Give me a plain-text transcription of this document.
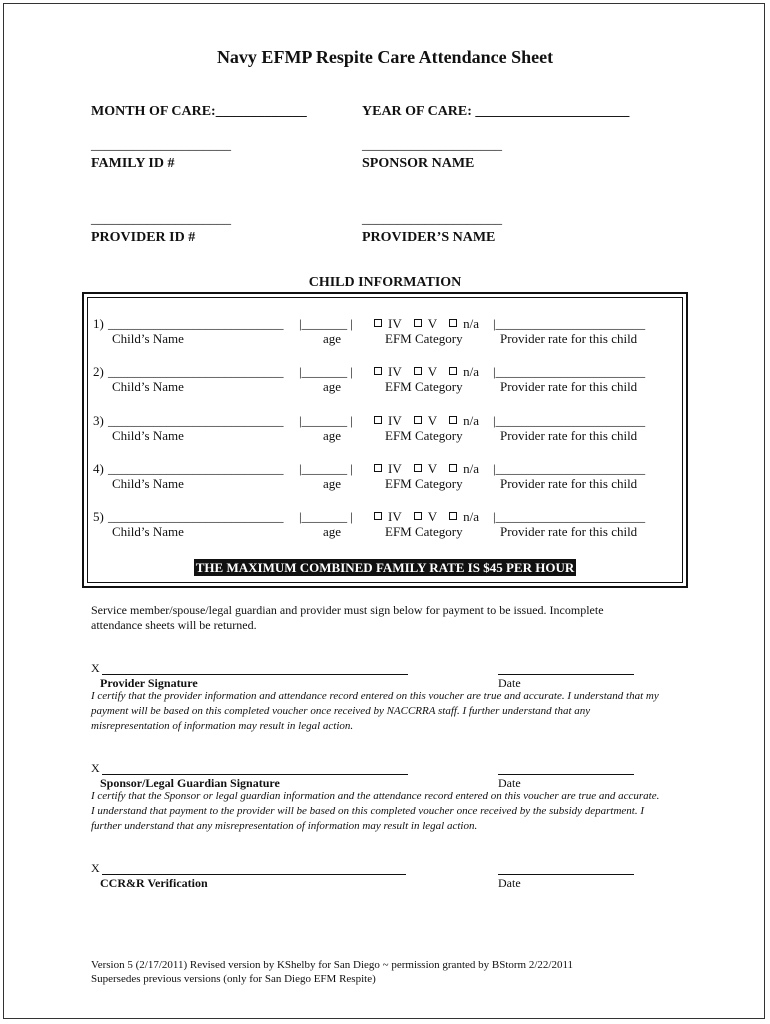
Navy EFMP Respite Care Attendance Sheet
MONTH OF CARE:_____________	YEAR OF CARE: ______________________
____________________
FAMILY ID #
____________________
SPONSOR NAME
____________________
PROVIDER ID #
____________________
PROVIDER’S NAME
CHILD INFORMATION
1) ___________________________ |_______ |	IV V n/a	|_______________________
Child’s Name	age	EFM Category	Provider rate for this child
2) ___________________________ |_______ |	IV V n/a	|_______________________
Child’s Name	age	EFM Category	Provider rate for this child
3) ___________________________ |_______ |	IV V n/a	|_______________________
Child’s Name	age	EFM Category	Provider rate for this child
4) ___________________________ |_______ |	IV V n/a	|_______________________
Child’s Name	age	EFM Category	Provider rate for this child
5) ___________________________ |_______ |	IV V n/a	|_______________________
Child’s Name	age	EFM Category	Provider rate for this child
THE MAXIMUM COMBINED FAMILY RATE IS $45 PER HOUR
Service member/spouse/legal guardian and provider must sign below for payment to be issued. Incomplete
attendance sheets will be returned.
X
Provider Signature	Date
I certify that the provider information and attendance record entered on this voucher are true and accurate. I understand that my
payment will be based on this completed voucher once received by NACCRRA staff. I further understand that any
misrepresentation of information may result in legal action.
X
Sponsor/Legal Guardian Signature	Date
I certify that the Sponsor or legal guardian information and the attendance record entered on this voucher are true and accurate.
I understand that payment to the provider will be based on this completed voucher once received by the subsidy department. I
further understand that any misrepresentation of information may result in legal action.
X
CCR&R Verification	Date
Version 5 (2/17/2011) Revised version by KShelby for San Diego ~ permission granted by BStorm 2/22/2011
Supersedes previous versions (only for San Diego EFM Respite)
